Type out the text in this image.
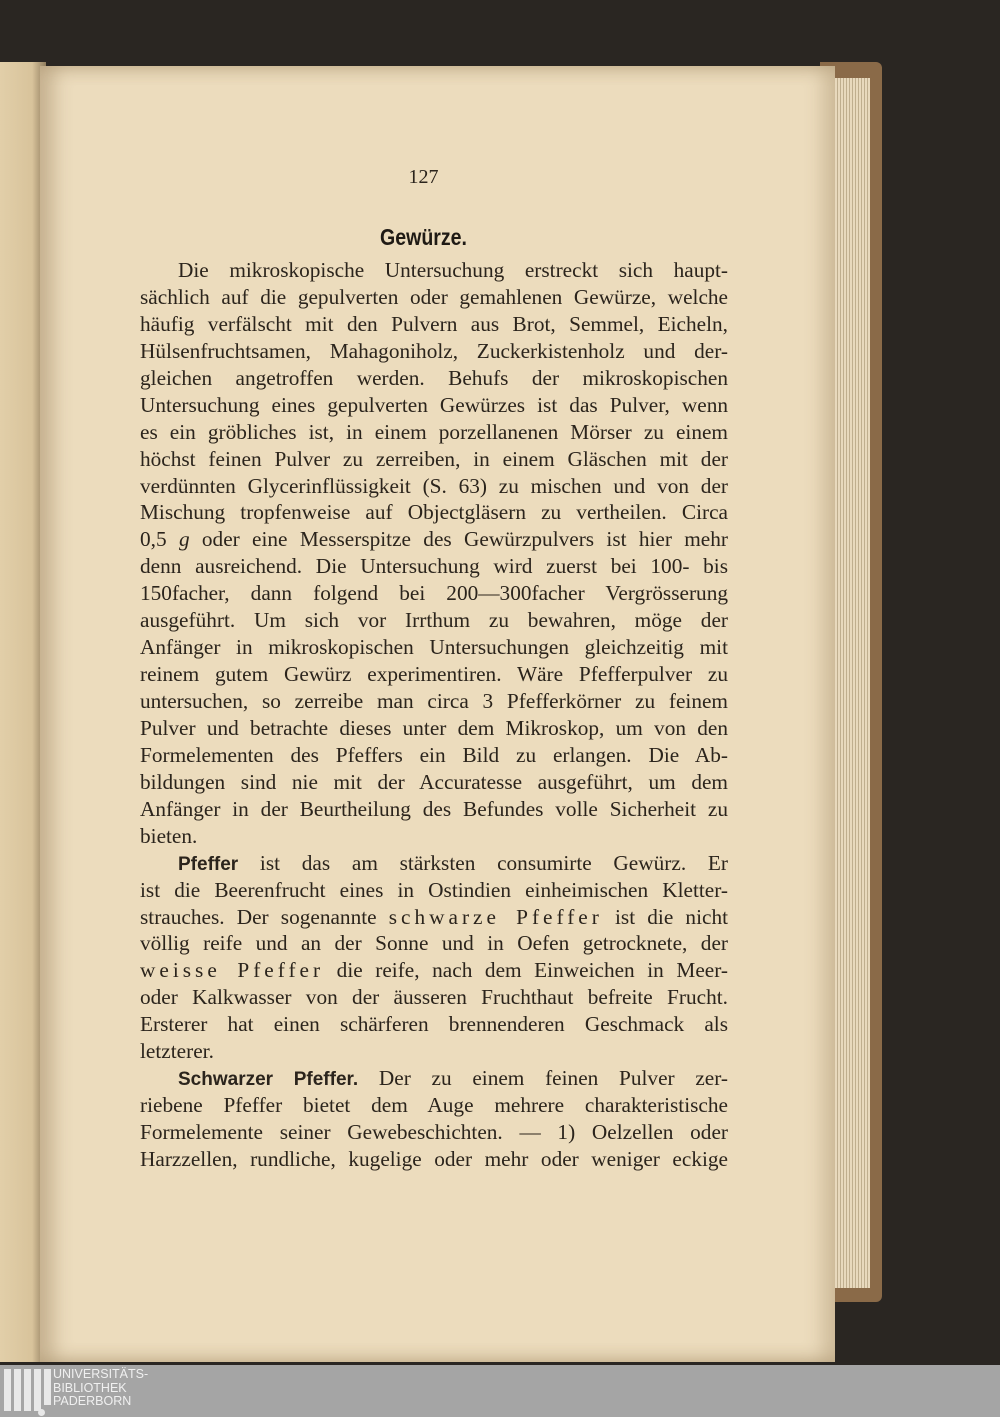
127
Gewürze.
Die mikroskopische Untersuchung erstreckt sich haupt-
sächlich auf die gepulverten oder gemahlenen Gewürze, welche
häufig verfälscht mit den Pulvern aus Brot, Semmel, Eicheln,
Hülsenfruchtsamen, Mahagoniholz, Zuckerkistenholz und der-
gleichen angetroffen werden. Behufs der mikroskopischen
Untersuchung eines gepulverten Gewürzes ist das Pulver, wenn
es ein gröbliches ist, in einem porzellanenen Mörser zu einem
höchst feinen Pulver zu zerreiben, in einem Gläschen mit der
verdünnten Glycerinflüssigkeit (S. 63) zu mischen und von der
Mischung tropfenweise auf Objectgläsern zu vertheilen. Circa
0,5 g oder eine Messerspitze des Gewürzpulvers ist hier mehr
denn ausreichend. Die Untersuchung wird zuerst bei 100- bis
150facher, dann folgend bei 200—300facher Vergrösserung
ausgeführt. Um sich vor Irrthum zu bewahren, möge der
Anfänger in mikroskopischen Untersuchungen gleichzeitig mit
reinem gutem Gewürz experimentiren. Wäre Pfefferpulver zu
untersuchen, so zerreibe man circa 3 Pfefferkörner zu feinem
Pulver und betrachte dieses unter dem Mikroskop, um von den
Formelementen des Pfeffers ein Bild zu erlangen. Die Ab-
bildungen sind nie mit der Accuratesse ausgeführt, um dem
Anfänger in der Beurtheilung des Befundes volle Sicherheit zu
bieten.
Pfeffer ist das am stärksten consumirte Gewürz. Er
ist die Beerenfrucht eines in Ostindien einheimischen Kletter-
strauches. Der sogenannte schwarze Pfeffer ist die nicht
völlig reife und an der Sonne und in Oefen getrocknete, der
weisse Pfeffer die reife, nach dem Einweichen in Meer-
oder Kalkwasser von der äusseren Fruchthaut befreite Frucht.
Ersterer hat einen schärferen brennenderen Geschmack als
letzterer.
Schwarzer Pfeffer. Der zu einem feinen Pulver zer-
riebene Pfeffer bietet dem Auge mehrere charakteristische
Formelemente seiner Gewebeschichten. — 1) Oelzellen oder
Harzzellen, rundliche, kugelige oder mehr oder weniger eckige
UNIVERSITÄTS-
BIBLIOTHEK
PADERBORN
